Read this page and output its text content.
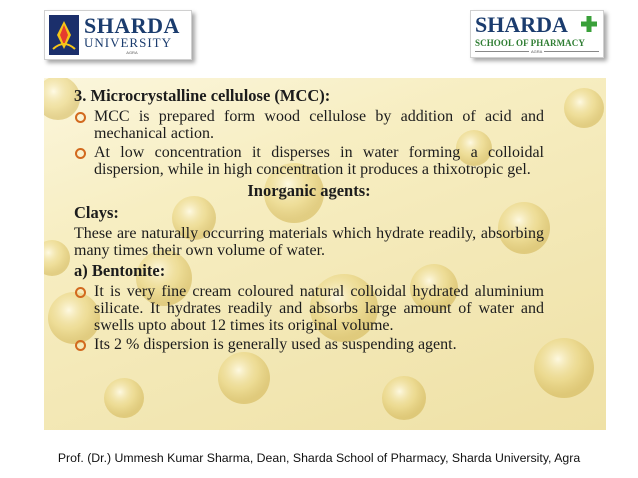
SHARDA
UNIVERSITY
AGRA
SHARDA
SCHOOL OF PHARMACY
AGRA
3. Microcrystalline cellulose (MCC):
MCC is prepared form wood cellulose by addition of acid and mechanical action.
At low concentration it disperses in water forming a colloidal dispersion, while in high concentration it produces a thixotropic gel.
Inorganic agents:
Clays:
These are naturally occurring materials which hydrate readily, absorbing many times their own volume of water.
a) Bentonite:
It is very fine cream coloured natural colloidal hydrated aluminium silicate. It hydrates readily and absorbs large amount of water and swells upto about 12 times its original volume.
Its 2 % dispersion is generally used as suspending agent.
Prof. (Dr.) Ummesh Kumar Sharma, Dean, Sharda School of Pharmacy, Sharda University, Agra
